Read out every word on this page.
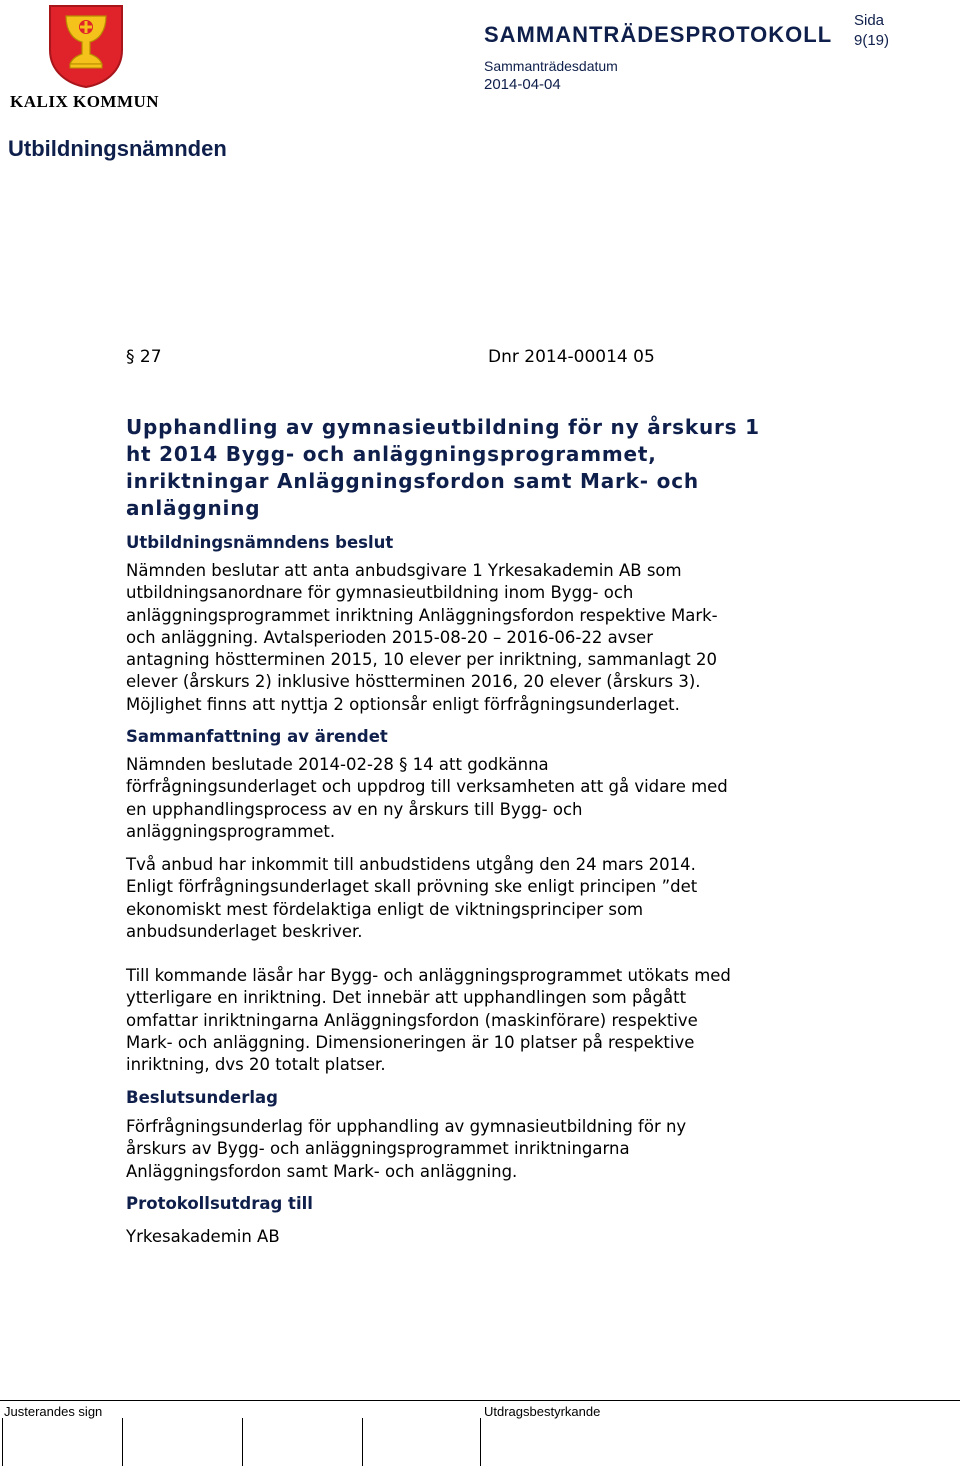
KALIX KOMMUN
SAMMANTRÄDESPROTOKOLL
Sida
9(19)
Sammanträdesdatum
2014-04-04
Utbildningsnämnden
§ 27	Dnr 2014-00014 05
Upphandling av gymnasieutbildning för ny årskurs 1
ht 2014 Bygg- och anläggningsprogrammet,
inriktningar Anläggningsfordon samt Mark- och
anläggning
Utbildningsnämndens beslut
Nämnden beslutar att anta anbudsgivare 1 Yrkesakademin AB som
utbildningsanordnare för gymnasieutbildning inom Bygg- och
anläggningsprogrammet inriktning Anläggningsfordon respektive Mark-
och anläggning. Avtalsperioden 2015-08-20 – 2016-06-22 avser
antagning höstterminen 2015, 10 elever per inriktning, sammanlagt 20
elever (årskurs 2) inklusive höstterminen 2016, 20 elever (årskurs 3).
Möjlighet finns att nyttja 2 optionsår enligt förfrågningsunderlaget.
Sammanfattning av ärendet
Nämnden beslutade 2014-02-28 § 14 att godkänna
förfrågningsunderlaget och uppdrog till verksamheten att gå vidare med
en upphandlingsprocess av en ny årskurs till Bygg- och
anläggningsprogrammet.
Två anbud har inkommit till anbudstidens utgång den 24 mars 2014.
Enligt förfrågningsunderlaget skall prövning ske enligt principen ”det
ekonomiskt mest fördelaktiga enligt de viktningsprinciper som
anbudsunderlaget beskriver.
Till kommande läsår har Bygg- och anläggningsprogrammet utökats med
ytterligare en inriktning. Det innebär att upphandlingen som pågått
omfattar inriktningarna Anläggningsfordon (maskinförare) respektive
Mark- och anläggning. Dimensioneringen är 10 platser på respektive
inriktning, dvs 20 totalt platser.
Beslutsunderlag
Förfrågningsunderlag för upphandling av gymnasieutbildning för ny
årskurs av Bygg- och anläggningsprogrammet inriktningarna
Anläggningsfordon samt Mark- och anläggning.
Protokollsutdrag till
Yrkesakademin AB
Justerandes sign	Utdragsbestyrkande
